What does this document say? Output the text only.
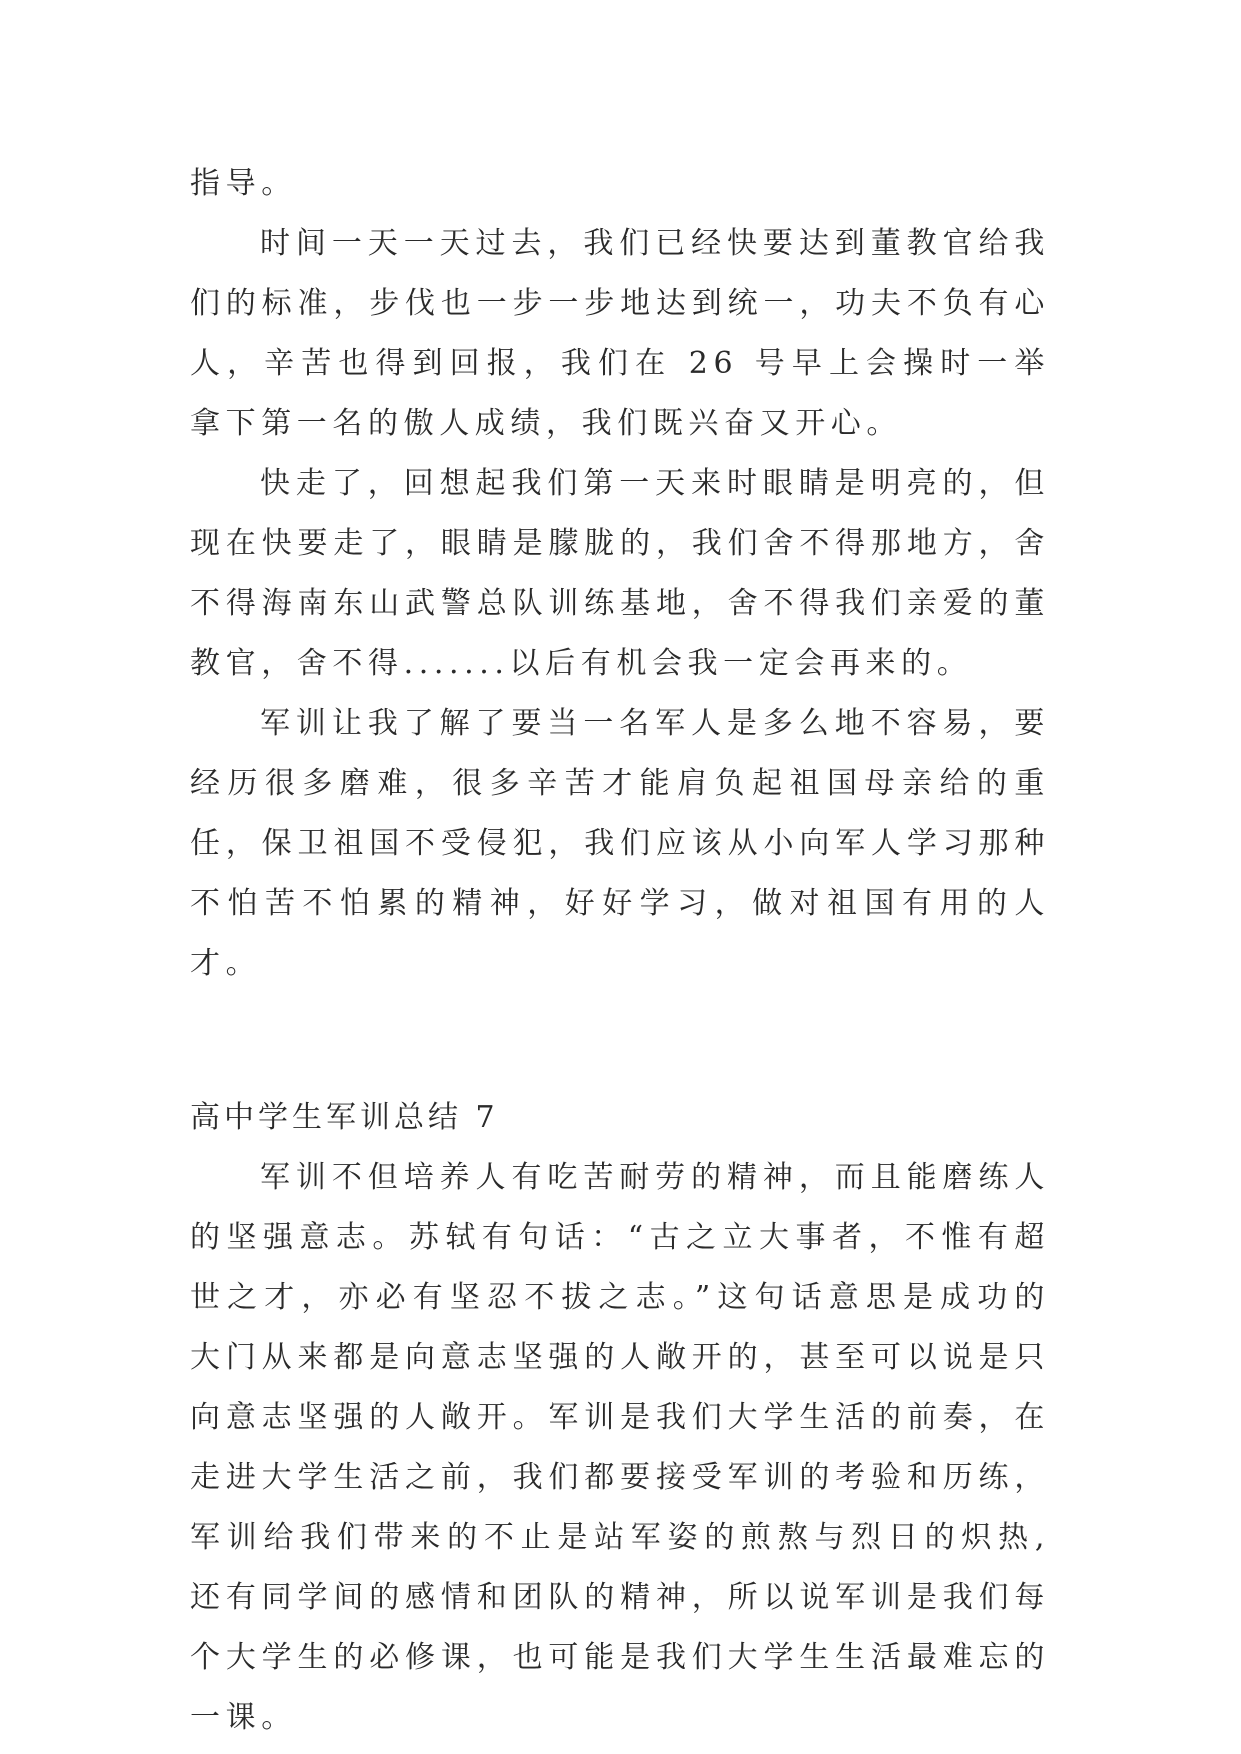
指导。

时间一天一天过去，我们已经快要达到董教官给我们的标准，步伐也一步一步地达到统一，功夫不负有心人，辛苦也得到回报，我们在 26 号早上会操时一举拿下第一名的傲人成绩，我们既兴奋又开心。

快走了，回想起我们第一天来时眼睛是明亮的，但现在快要走了，眼睛是朦胧的，我们舍不得那地方，舍不得海南东山武警总队训练基地，舍不得我们亲爱的董教官，舍不得.......以后有机会我一定会再来的。

军训让我了解了要当一名军人是多么地不容易，要经历很多磨难，很多辛苦才能肩负起祖国母亲给的重任，保卫祖国不受侵犯，我们应该从小向军人学习那种不怕苦不怕累的精神，好好学习，做对祖国有用的人才。

高中学生军训总结 7

军训不但培养人有吃苦耐劳的精神，而且能磨练人的坚强意志。苏轼有句话：“古之立大事者，不惟有超世之才，亦必有坚忍不拔之志。”这句话意思是成功的大门从来都是向意志坚强的人敞开的，甚至可以说是只向意志坚强的人敞开。军训是我们大学生活的前奏，在走进大学生活之前，我们都要接受军训的考验和历练，军训给我们带来的不止是站军姿的煎熬与烈日的炽热,还有同学间的感情和团队的精神，所以说军训是我们每个大学生的必修课，也可能是我们大学生生活最难忘的一课。
